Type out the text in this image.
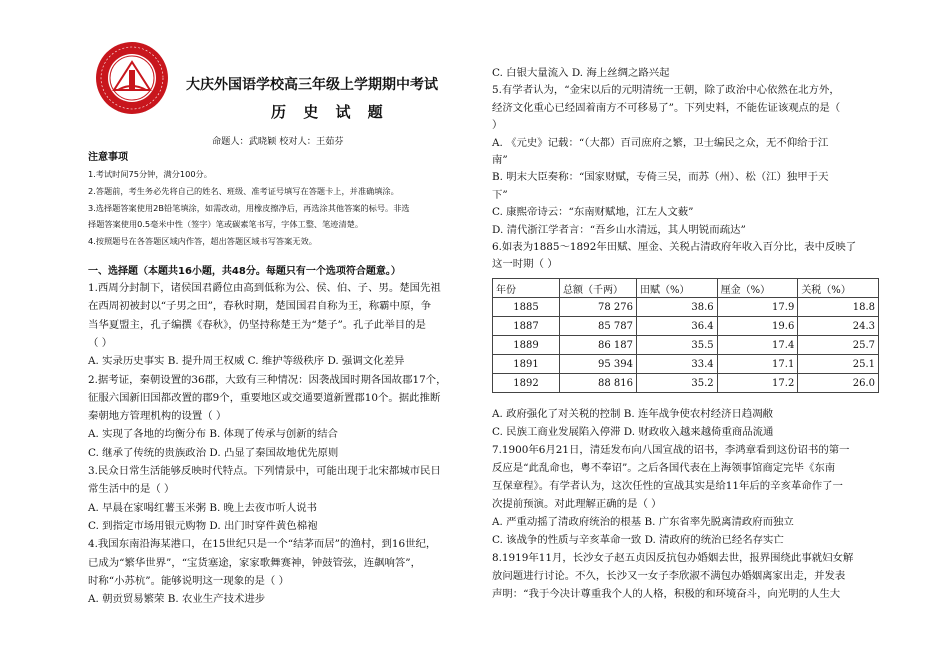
大庆外国语学校高三年级上学期期中考试
历 史 试 题
命题人：武晓颖 校对人：王茹芬
注意事项
1.考试时间75分钟，满分100分。
2.答题前，考生务必先将自己的姓名、班级、准考证号填写在答题卡上，并准确填涂。
3.选择题答案使用2B铅笔填涂，如需改动，用橡皮擦净后，再选涂其他答案的标号。非选
择题答案使用0.5毫米中性（签字）笔或碳素笔书写，字体工整、笔迹清楚。
4.按照题号在各答题区域内作答，超出答题区域书写答案无效。
一、选择题（本题共16小题，共48分。每题只有一个选项符合题意。）
1.西周分封制下，诸侯国君爵位由高到低称为公、侯、伯、子、男。楚国先祖
在西周初被封以“子男之田”，春秋时期，楚国国君自称为王，称霸中原，争
当华夏盟主，孔子编撰《春秋》，仍坚持称楚王为“楚子”。孔子此举目的是
（ ）
A. 实录历史事实 B. 提升周王权威 C. 维护等级秩序 D. 强调文化差异
2.据考证，秦朝设置的36郡，大致有三种情况：因袭战国时期各国故郡17个，
征服六国新旧国都改置的郡9个，重要地区或交通要道新置郡10个。据此推断
秦朝地方管理机构的设置（ ）
A. 实现了各地的均衡分布 B. 体现了传承与创新的结合
C. 继承了传统的贵族政治 D. 凸显了秦国故地优先原则
3.民众日常生活能够反映时代特点。下列情景中，可能出现于北宋都城市民日
常生活中的是（ ）
A. 早晨在家喝红薯玉米粥 B. 晚上去夜市听人说书
C. 到指定市场用银元购物 D. 出门时穿件黄色棉袍
4.我国东南沿海某港口，在15世纪只是一个“结茅而居”的渔村，到16世纪，
已成为“繁华世界”，“宝货塞途，家家歌舞赛神，钟鼓管弦，连飙响答”，
时称“小苏杭”。能够说明这一现象的是（ ）
A. 朝贡贸易繁荣 B. 农业生产技术进步
C. 白银大量流入 D. 海上丝绸之路兴起
5.有学者认为，“金宋以后的元明清统一王朝，除了政治中心依然在北方外，
经济文化重心已经固着南方不可移易了”。下列史料，不能佐证该观点的是（
）
A. 《元史》记载：“（大都）百司庶府之繁，卫士编民之众，无不仰给于江
南”
B. 明末大臣奏称：“国家财赋，专倚三吴，而苏（州）、松（江）独甲于天
下”
C. 康熙帝诗云：“东南财赋地，江左人文薮”
D. 清代浙江学者言：“吾乡山水清远，其人明锐而疏达”
6.如表为1885～1892年田赋、厘金、关税占清政府年收入百分比，表中反映了
这一时期（ ）
年份	总额（千两）	田赋（%）	厘金（%）	关税（%）
1885	78 276	38.6	17.9	18.8
1887	85 787	36.4	19.6	24.3
1889	86 187	35.5	17.4	25.7
1891	95 394	33.4	17.1	25.1
1892	88 816	35.2	17.2	26.0
A. 政府强化了对关税的控制 B. 连年战争使农村经济日趋凋敝
C. 民族工商业发展陷入停滞 D. 财政收入越来越倚重商品流通
7.1900年6月21日，清廷发布向八国宣战的诏书，李鸿章看到这份诏书的第一
反应是“此乱命也，粤不奉诏”。之后各国代表在上海领事馆商定完毕《东南
互保章程》。有学者认为，这次任性的宣战其实是给11年后的辛亥革命作了一
次提前预演。对此理解正确的是（ ）
A. 严重动摇了清政府统治的根基 B. 广东省率先脱离清政府而独立
C. 该战争的性质与辛亥革命一致 D. 清政府的统治已经名存实亡
8.1919年11月，长沙女子赵五贞因反抗包办婚姻去世，报界围绕此事就妇女解
放问题进行讨论。不久，长沙又一女子李欣淑不满包办婚姻离家出走，并发表
声明：“我于今决计尊重我个人的人格，积极的和环境奋斗，向光明的人生大
